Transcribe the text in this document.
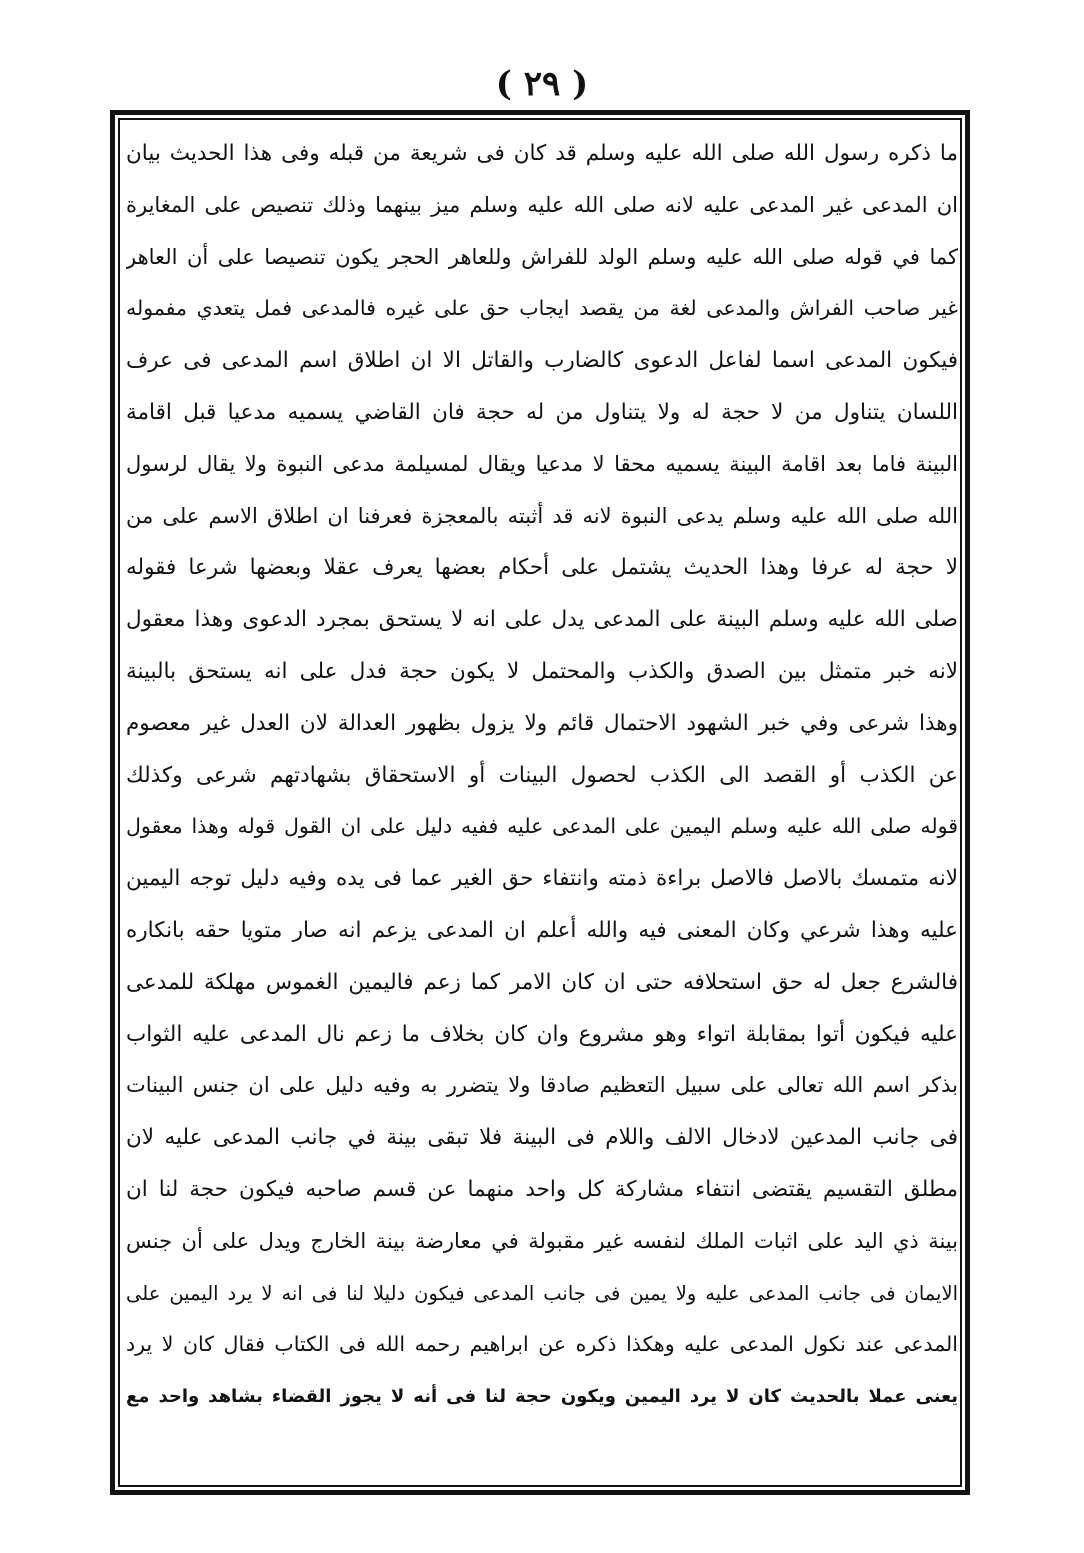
( ٢٩ )
ما ذكره رسول الله صلى الله عليه وسلم قد كان فى شريعة من قبله وفى هذا الحديث بيان
ان المدعى غير المدعى عليه لانه صلى الله عليه وسلم ميز بينهما وذلك تنصيص على المغايرة
كما في قوله صلى الله عليه وسلم الولد للفراش وللعاهر الحجر يكون تنصيصا على أن العاهر
غير صاحب الفراش والمدعى لغة من يقصد ايجاب حق على غيره فالمدعى فمل يتعدي مفموله
فيكون المدعى اسما لفاعل الدعوى كالضارب والقاتل الا ان اطلاق اسم المدعى فى عرف
اللسان يتناول من لا حجة له ولا يتناول من له حجة فان القاضي يسميه مدعيا قبل اقامة
البينة فاما بعد اقامة البينة يسميه محقا لا مدعيا ويقال لمسيلمة مدعى النبوة ولا يقال لرسول
الله صلى الله عليه وسلم يدعى النبوة لانه قد أثبته بالمعجزة فعرفنا ان اطلاق الاسم على من
لا حجة له عرفا وهذا الحديث يشتمل على أحكام بعضها يعرف عقلا وبعضها شرعا فقوله
صلى الله عليه وسلم البينة على المدعى يدل على انه لا يستحق بمجرد الدعوى وهذا معقول
لانه خبر متمثل بين الصدق والكذب والمحتمل لا يكون حجة فدل على انه يستحق بالبينة
وهذا شرعى وفي خبر الشهود الاحتمال قائم ولا يزول بظهور العدالة لان العدل غير معصوم
عن الكذب أو القصد الى الكذب لحصول البينات أو الاستحقاق بشهادتهم شرعى وكذلك
قوله صلى الله عليه وسلم اليمين على المدعى عليه ففيه دليل على ان القول قوله وهذا معقول
لانه متمسك بالاصل فالاصل براءة ذمته وانتفاء حق الغير عما فى يده وفيه دليل توجه اليمين
عليه وهذا شرعي وكان المعنى فيه والله أعلم ان المدعى يزعم انه صار متويا حقه بانكاره
فالشرع جعل له حق استحلافه حتى ان كان الامر كما زعم فاليمين الغموس مهلكة للمدعى
عليه فيكون أتوا بمقابلة اتواء وهو مشروع وان كان بخلاف ما زعم نال المدعى عليه الثواب
بذكر اسم الله تعالى على سبيل التعظيم صادقا ولا يتضرر به وفيه دليل على ان جنس البينات
فى جانب المدعين لادخال الالف واللام فى البينة فلا تبقى بينة في جانب المدعى عليه لان
مطلق التقسيم يقتضى انتفاء مشاركة كل واحد منهما عن قسم صاحبه فيكون حجة لنا ان
بينة ذي اليد على اثبات الملك لنفسه غير مقبولة في معارضة بينة الخارج ويدل على أن جنس
الايمان فى جانب المدعى عليه ولا يمين فى جانب المدعى فيكون دليلا لنا فى انه لا يرد اليمين على
المدعى عند نكول المدعى عليه وهكذا ذكره عن ابراهيم رحمه الله فى الكتاب فقال كان لا يرد
يعنى عملا بالحديث كان لا يرد اليمين ويكون حجة لنا فى أنه لا يجوز القضاء بشاهد واحد مع
